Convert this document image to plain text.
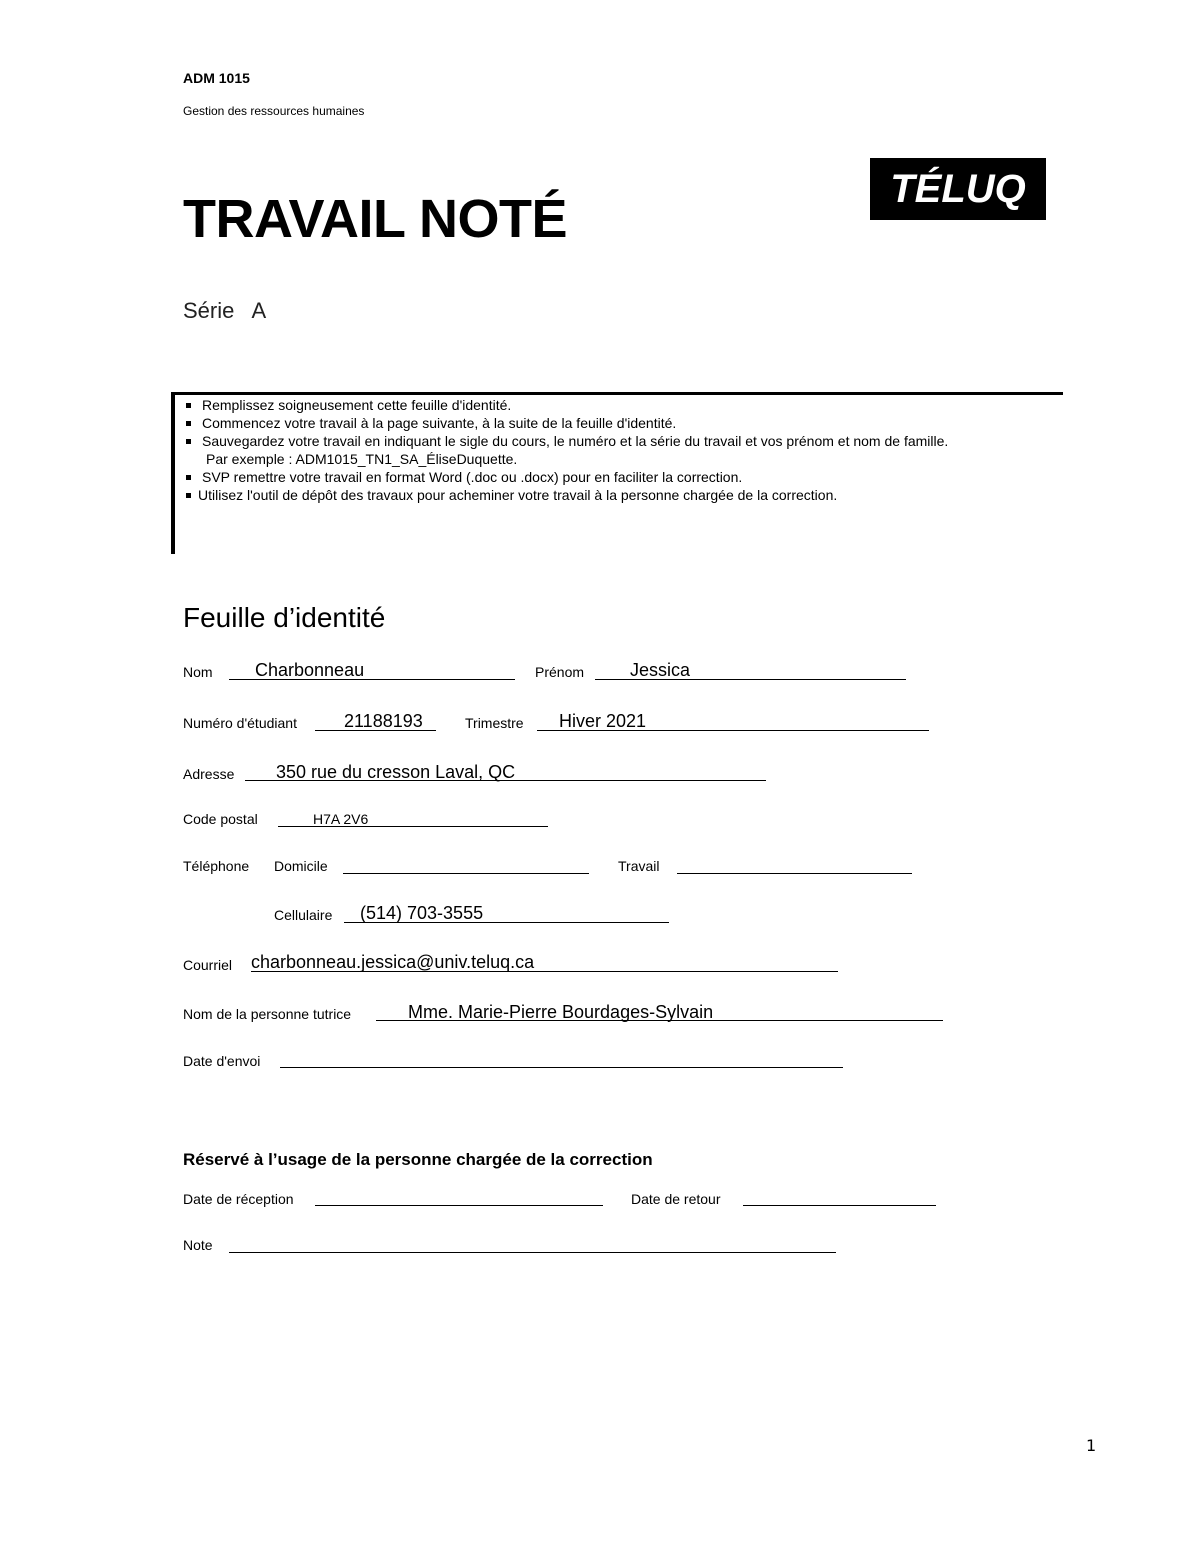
ADM 1015
Gestion des ressources humaines
TRAVAIL NOTÉ
Série   A
TÉLUQ
Remplissez soigneusement cette feuille d'identité.
Commencez votre travail à la page suivante, à la suite de la feuille d'identité.
Sauvegardez votre travail en indiquant le sigle du cours, le numéro et la série du travail et vos prénom et nom de famille.
Par exemple : ADM1015_TN1_SA_ÉliseDuquette.
SVP remettre votre travail en format Word (.doc ou .docx) pour en faciliter la correction.
Utilisez l'outil de dépôt des travaux pour acheminer votre travail à la personne chargée de la correction.
Feuille d’identité
Nom Charbonneau	Prénom	Jessica
Numéro d'étudiant	21188193	Trimestre Hiver 2021
Adresse 350 rue du cresson Laval, QC
Code postal	H7A 2V6
Téléphone Domicile	Travail
Cellulaire (514) 703-3555
Courriel charbonneau.jessica@univ.teluq.ca
Nom de la personne tutrice	Mme. Marie-Pierre Bourdages-Sylvain
Date d'envoi
Réservé à l’usage de la personne chargée de la correction
Date de réception	Date de retour
Note
1
